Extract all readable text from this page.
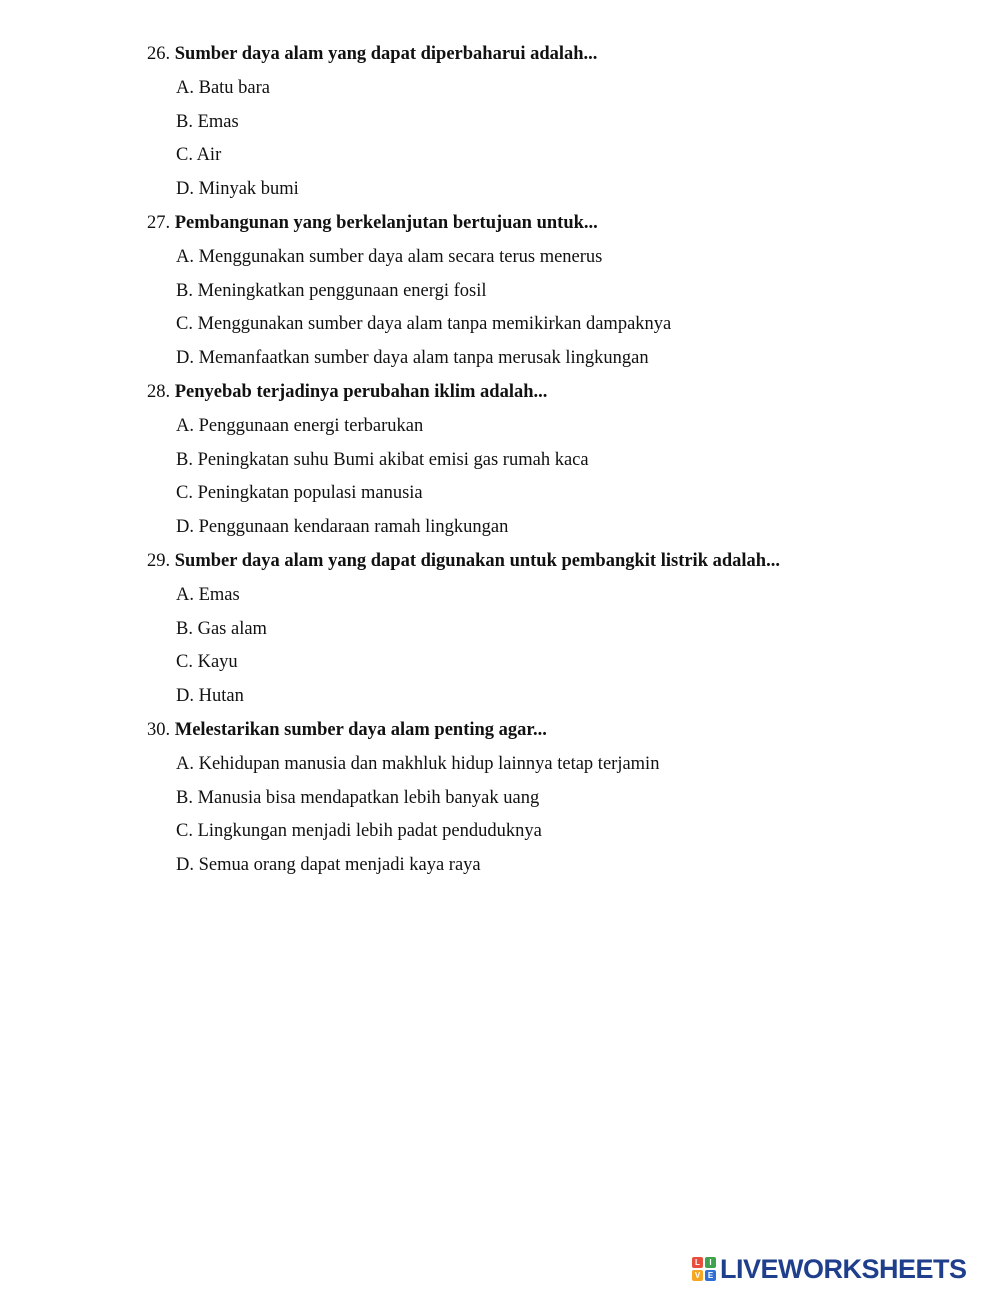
26. Sumber daya alam yang dapat diperbaharui adalah...
A. Batu bara
B. Emas
C. Air
D. Minyak bumi
27. Pembangunan yang berkelanjutan bertujuan untuk...
A. Menggunakan sumber daya alam secara terus menerus
B. Meningkatkan penggunaan energi fosil
C. Menggunakan sumber daya alam tanpa memikirkan dampaknya
D. Memanfaatkan sumber daya alam tanpa merusak lingkungan
28. Penyebab terjadinya perubahan iklim adalah...
A. Penggunaan energi terbarukan
B. Peningkatan suhu Bumi akibat emisi gas rumah kaca
C. Peningkatan populasi manusia
D. Penggunaan kendaraan ramah lingkungan
29. Sumber daya alam yang dapat digunakan untuk pembangkit listrik adalah...
A. Emas
B. Gas alam
C. Kayu
D. Hutan
30. Melestarikan sumber daya alam penting agar...
A. Kehidupan manusia dan makhluk hidup lainnya tetap terjamin
B. Manusia bisa mendapatkan lebih banyak uang
C. Lingkungan menjadi lebih padat penduduknya
D. Semua orang dapat menjadi kaya raya
L	I
V E LIVEWORKSHEETS
